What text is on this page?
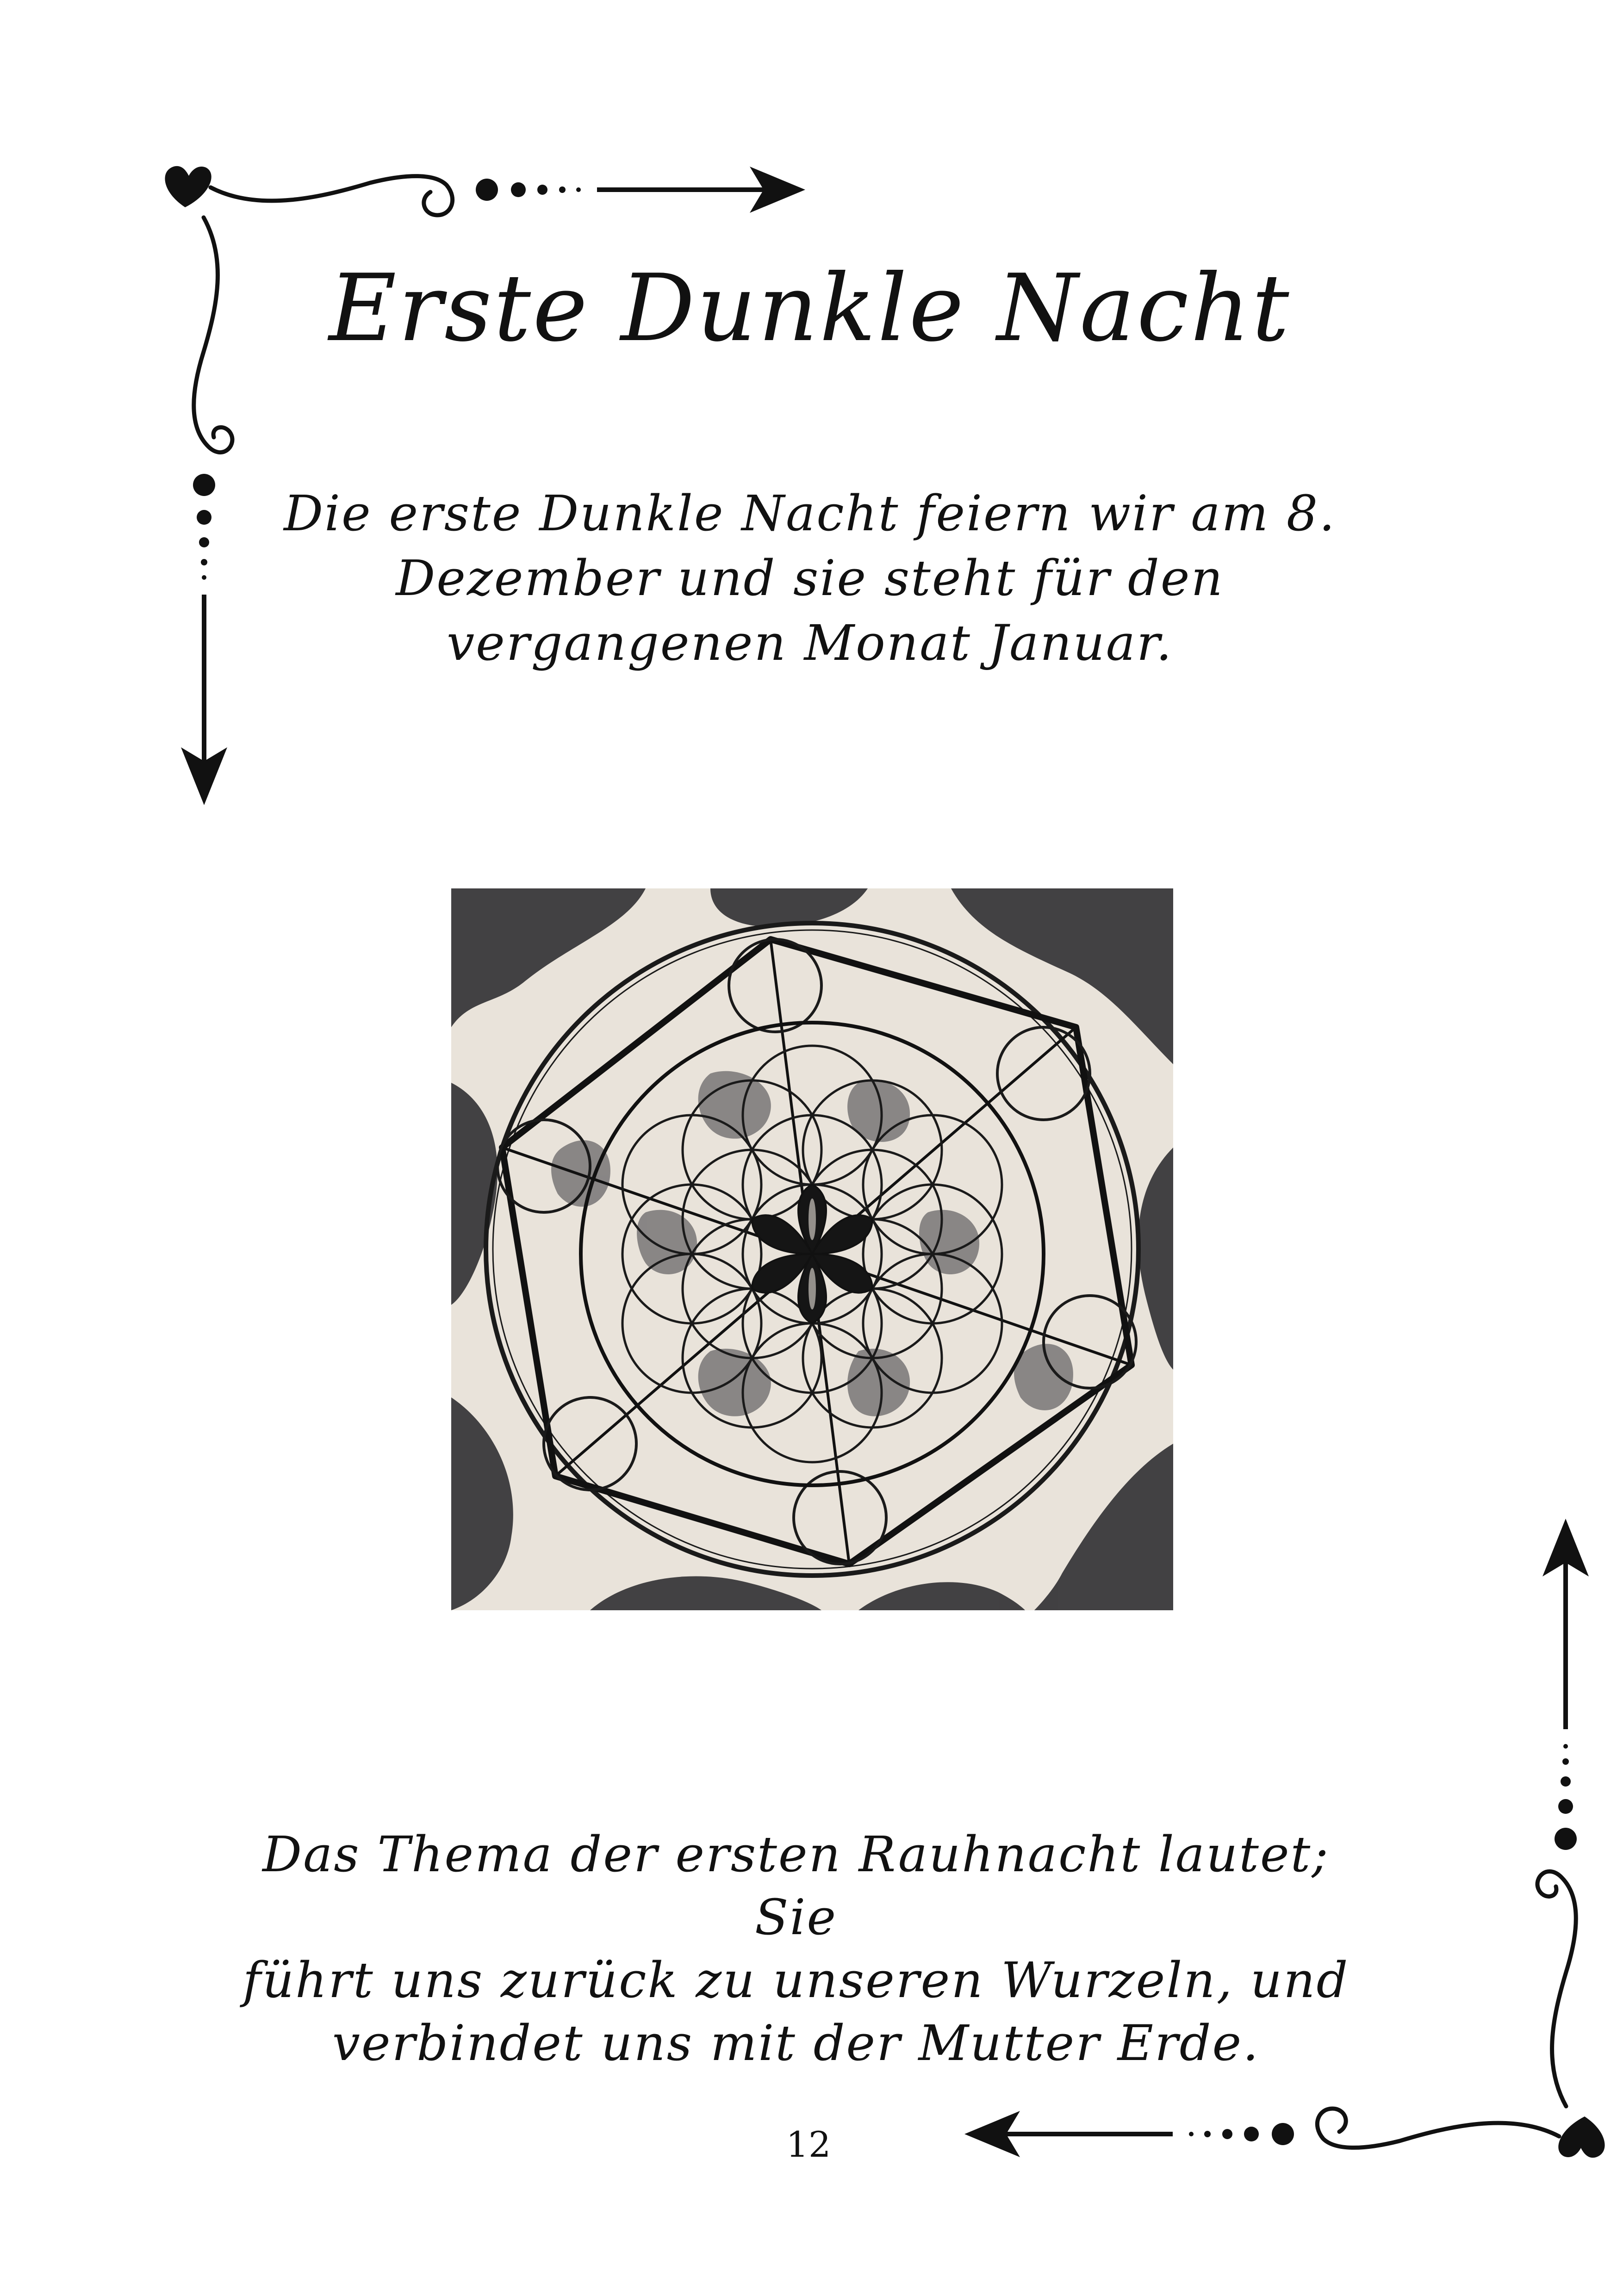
Erste Dunkle Nacht

Die erste Dunkle Nacht feiern wir am 8.
Dezember und sie steht für den
vergangenen Monat Januar.

Das Thema der ersten Rauhnacht lautet; Sie
führt uns zurück zu unseren Wurzeln, und
verbindet uns mit der Mutter Erde.

12
